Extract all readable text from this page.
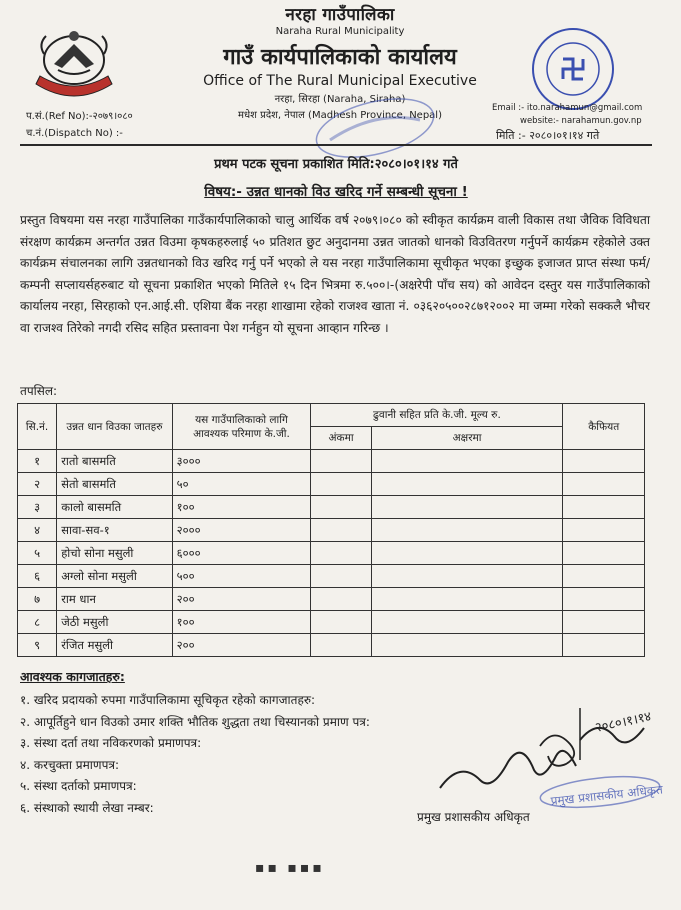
नरहा गाउँपालिका
Naraha Rural Municipality
गाउँ कार्यपालिकाको कार्यालय
Office of The Rural Municipal Executive
नरहा, सिरहा (Naraha, Siraha)
मधेश प्रदेश, नेपाल (Madhesh Province, Nepal)
प.सं.(Ref No):-२०७९।०८०
च.नं.(Dispatch No) :-
Email :- ito.narahamun@gmail.com
website:- narahamun.gov.np
मिति :- २०८०।०१।१४ गते
प्रथम पटक सूचना प्रकाशित मिति:२०८०।०१।१४ गते
विषय:- उन्नत धानको विउ खरिद गर्ने सम्बन्धी सूचना !
प्रस्तुत विषयमा यस नरहा गाउँपालिका गाउँकार्यपालिकाको चालु आर्थिक वर्ष २०७९।०८० को स्वीकृत कार्यक्रम वाली विकास तथा जैविक विविधता संरक्षण कार्यक्रम अन्तर्गत उन्नत विउमा कृषकहरुलाई ५० प्रतिशत छुट अनुदानमा उन्नत जातको धानको विउवितरण गर्नुपर्ने कार्यक्रम रहेकोले उक्त कार्यक्रम संचालनका लागि उन्नतधानको विउ खरिद गर्नु पर्ने भएको ले यस नरहा गाउँपालिकामा सूचीकृत भएका इच्छुक इजाजत प्राप्त संस्था फर्म/ कम्पनी सप्लायर्सहरुबाट यो सूचना प्रकाशित भएको मितिले १५ दिन भित्रमा रु.५००।-(अक्षरेपी पाँच सय) को आवेदन दस्तुर यस गाउँपालिकाको कार्यालय नरहा, सिरहाको एन.आई.सी. एशिया बैंक नरहा शाखामा रहेको राजश्व खाता नं. ०३६२०५००२८७१२००२ मा जम्मा गरेको सक्कलै भौचर वा राजश्व तिरेको नगदी रसिद सहित प्रस्तावना पेश गर्नहुन यो सूचना आव्हान गरिन्छ ।
तपसिल:
सि.नं.	उन्नत धान विउका जातहरु	यस गाउँपालिकाको लागि आवश्यक परिमाण के.जी.	ढुवानी सहित प्रति के.जी. मूल्य रु.		कैफियत
			अंकमा	अक्षरमा	
१	रातो बासमति	३०००			
२	सेतो बासमति	५०			
३	कालो बासमति	१००			
४	सावा-सव-१	२०००			
५	होचो सोना मसुली	६०००			
६	अग्लो सोना मसुली	५००			
७	राम धान	२००			
८	जेठी मसुली	१००			
९	रंजित मसुली	२००			
आवश्यक कागजातहरु:
१. खरिद प्रदायको रुपमा गाउँपालिकामा सूचिकृत रहेको कागजातहरु:
२. आपूर्तिहुने धान विउको उमार शक्ति भौतिक शुद्धता तथा चिस्यानको प्रमाण पत्र:
३. संस्था दर्ता तथा नविकरणको प्रमाणपत्र:
४. करचुक्ता प्रमाणपत्र:
५. संस्था दर्ताको प्रमाणपत्र:
६. संस्थाको स्थायी लेखा नम्बर:
२०८०।१।१४
प्रमुख प्रशासकीय अधिकृत
प्रमुख प्रशासकीय अधिकृत
▪▪ ▪▪▪
